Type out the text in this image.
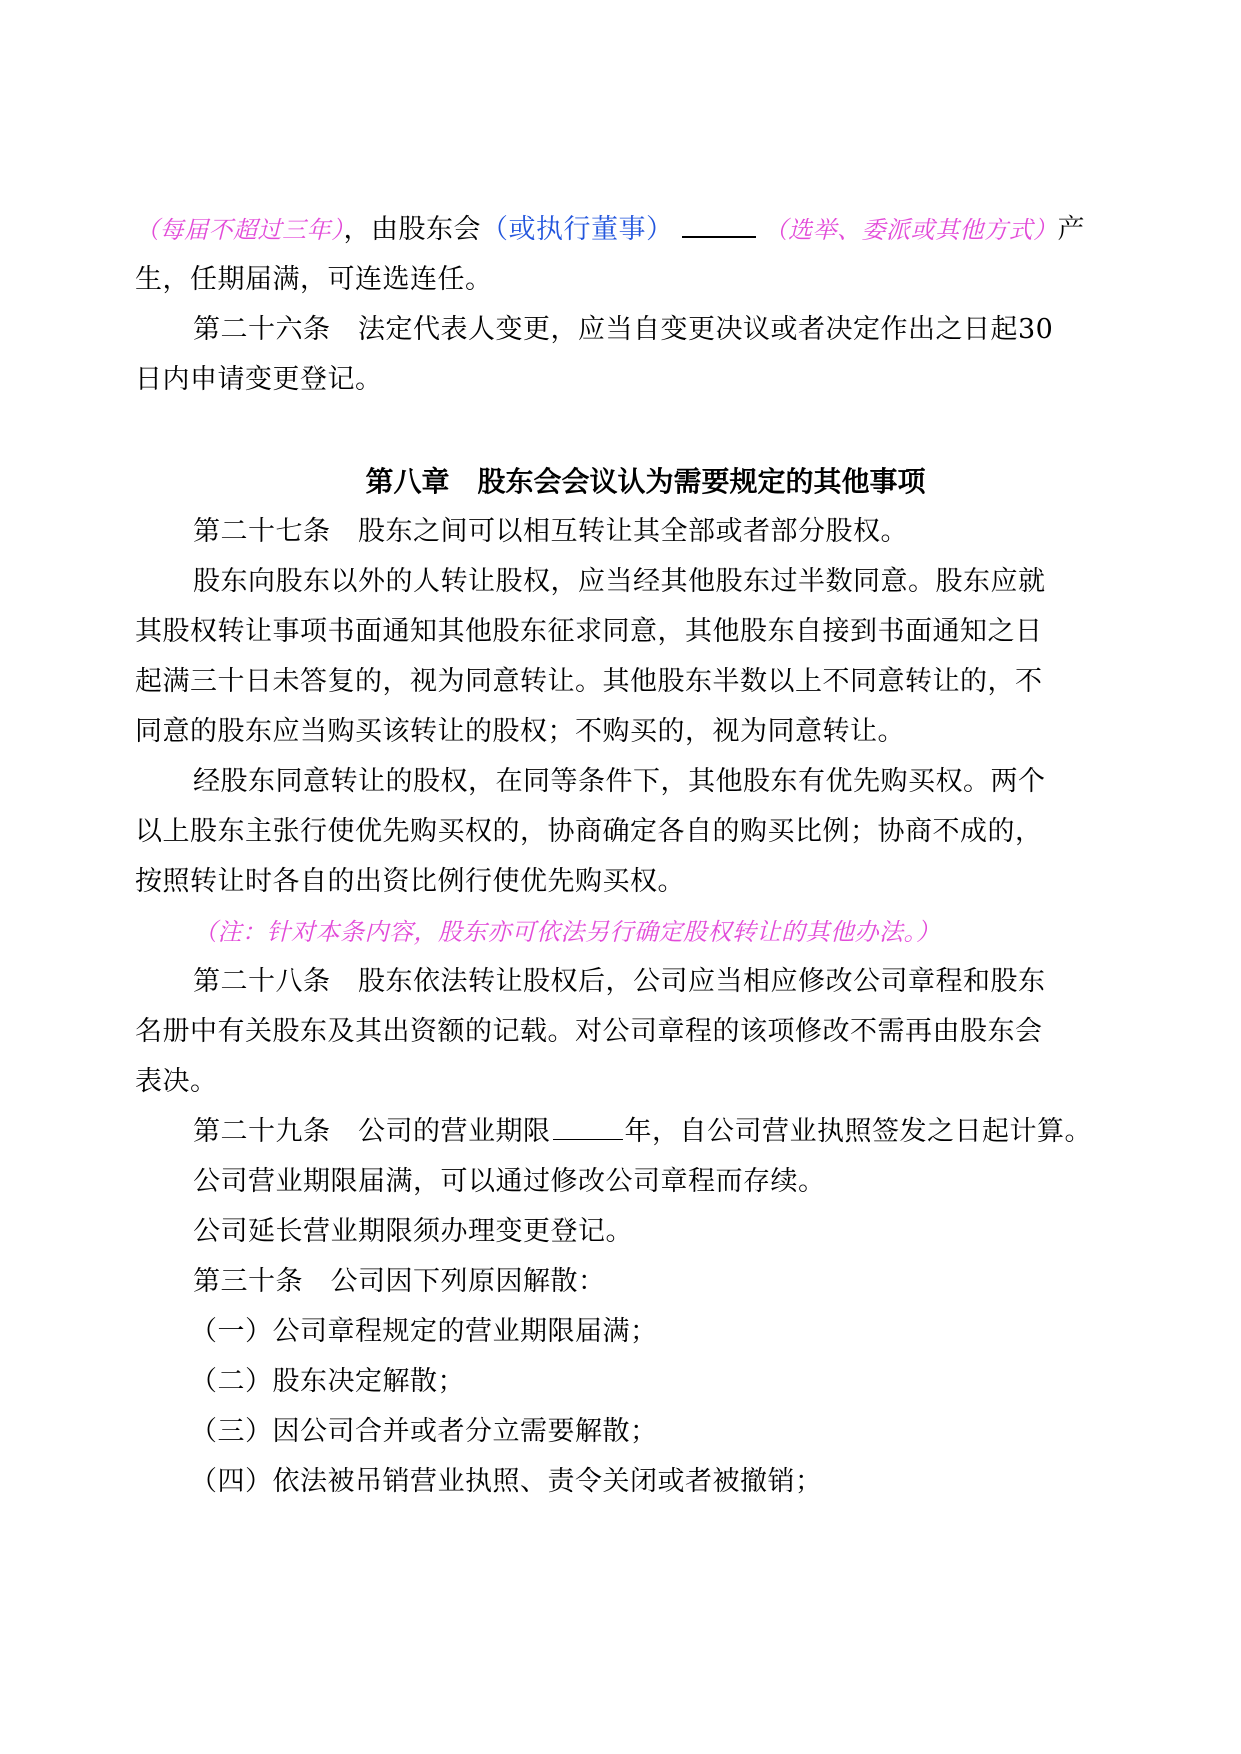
（每届不超过三年），由股东会（或执行董事）	（选举、委派或其他方式）产
生，任期届满，可连选连任。
第二十六条　法定代表人变更，应当自变更决议或者决定作出之日起30
日内申请变更登记。
第八章　股东会会议认为需要规定的其他事项
第二十七条　股东之间可以相互转让其全部或者部分股权。
股东向股东以外的人转让股权，应当经其他股东过半数同意。股东应就
其股权转让事项书面通知其他股东征求同意，其他股东自接到书面通知之日
起满三十日未答复的，视为同意转让。其他股东半数以上不同意转让的，不
同意的股东应当购买该转让的股权；不购买的，视为同意转让。
经股东同意转让的股权，在同等条件下，其他股东有优先购买权。两个
以上股东主张行使优先购买权的，协商确定各自的购买比例；协商不成的，
按照转让时各自的出资比例行使优先购买权。
（注：针对本条内容，股东亦可依法另行确定股权转让的其他办法。）
第二十八条　股东依法转让股权后，公司应当相应修改公司章程和股东
名册中有关股东及其出资额的记载。对公司章程的该项修改不需再由股东会
表决。
第二十九条　公司的营业期限	年，自公司营业执照签发之日起计算。
公司营业期限届满，可以通过修改公司章程而存续。
公司延长营业期限须办理变更登记。
第三十条　公司因下列原因解散：
（一）公司章程规定的营业期限届满；
（二）股东决定解散；
（三）因公司合并或者分立需要解散；
（四）依法被吊销营业执照、责令关闭或者被撤销；
